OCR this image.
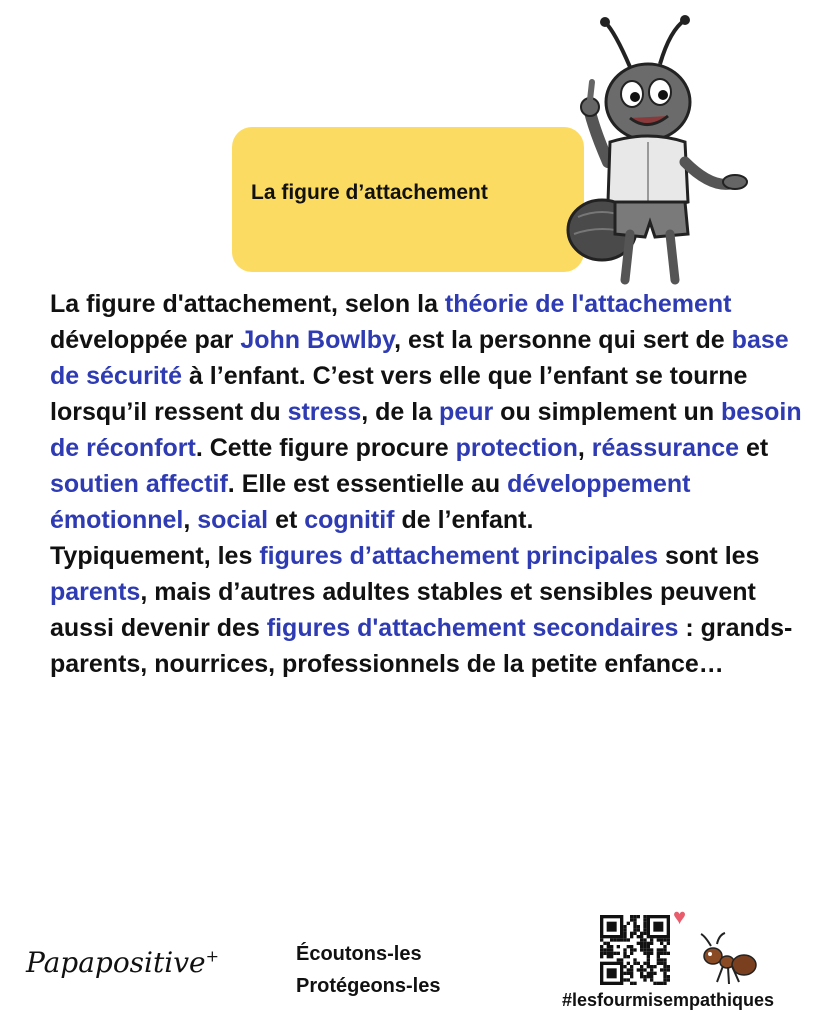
La figure d’attachement

La figure d'attachement, selon la théorie de l'attachement développée par John Bowlby, est la personne qui sert de base de sécurité à l’enfant. C’est vers elle que l’enfant se tourne lorsqu’il ressent du stress, de la peur ou simplement un besoin de réconfort. Cette figure procure protection, réassurance et soutien affectif. Elle est essentielle au développement émotionnel, social et cognitif de l’enfant.

Typiquement, les figures d’attachement principales sont les parents, mais d’autres adultes stables et sensibles peuvent aussi devenir des figures d'attachement secondaires : grands-parents, nourrices, professionnels de la petite enfance…

Papapositive+	Écoutons-les
Protégeons-les
♥
#lesfourmisempathiques
